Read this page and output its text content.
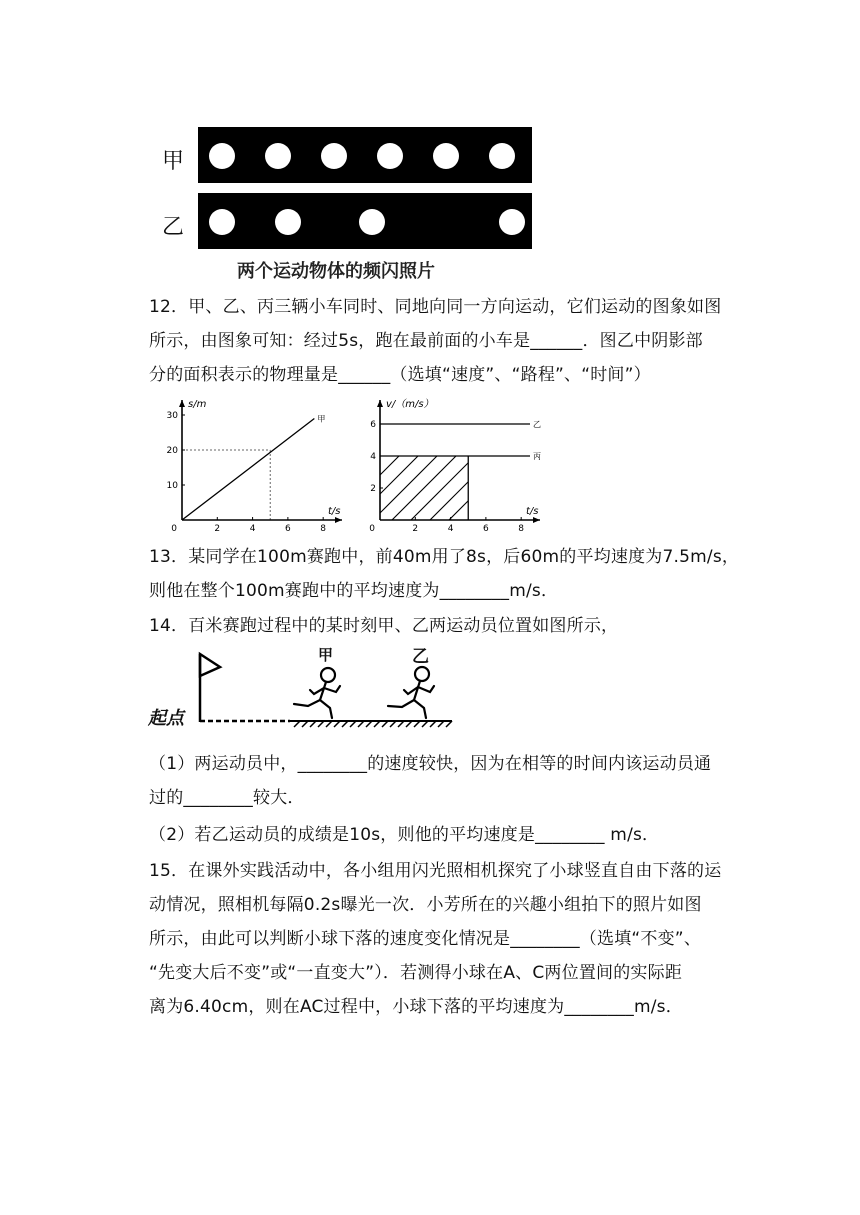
甲
乙
两个运动物体的频闪照片
12．甲、乙、丙三辆小车同时、同地向同一方向运动，它们运动的图象如图
所示，由图象可知：经过5s，跑在最前面的小车是______．图乙中阴影部
分的面积表示的物理量是______（选填“速度”、“路程”、“时间”）
2	4	6	8
10
20
30
0
s/m
t/s
甲
2	4	6	8
2
4
6
0
v/（m/s）
t/s
乙
丙
13．某同学在100m赛跑中，前40m用了8s，后60m的平均速度为7.5m/s，
则他在整个100m赛跑中的平均速度为________m/s．
14．百米赛跑过程中的某时刻甲、乙两运动员位置如图所示，
起点
甲	乙
（1）两运动员中，________的速度较快，因为在相等的时间内该运动员通
过的________较大．
（2）若乙运动员的成绩是10s，则他的平均速度是________ m/s．
15．在课外实践活动中，各小组用闪光照相机探究了小球竖直自由下落的运
动情况，照相机每隔0.2s曝光一次．小芳所在的兴趣小组拍下的照片如图
所示，由此可以判断小球下落的速度变化情况是________（选填“不变”、
“先变大后不变”或“一直变大”）．若测得小球在A、C两位置间的实际距
离为6.40cm，则在AC过程中，小球下落的平均速度为________m/s．
